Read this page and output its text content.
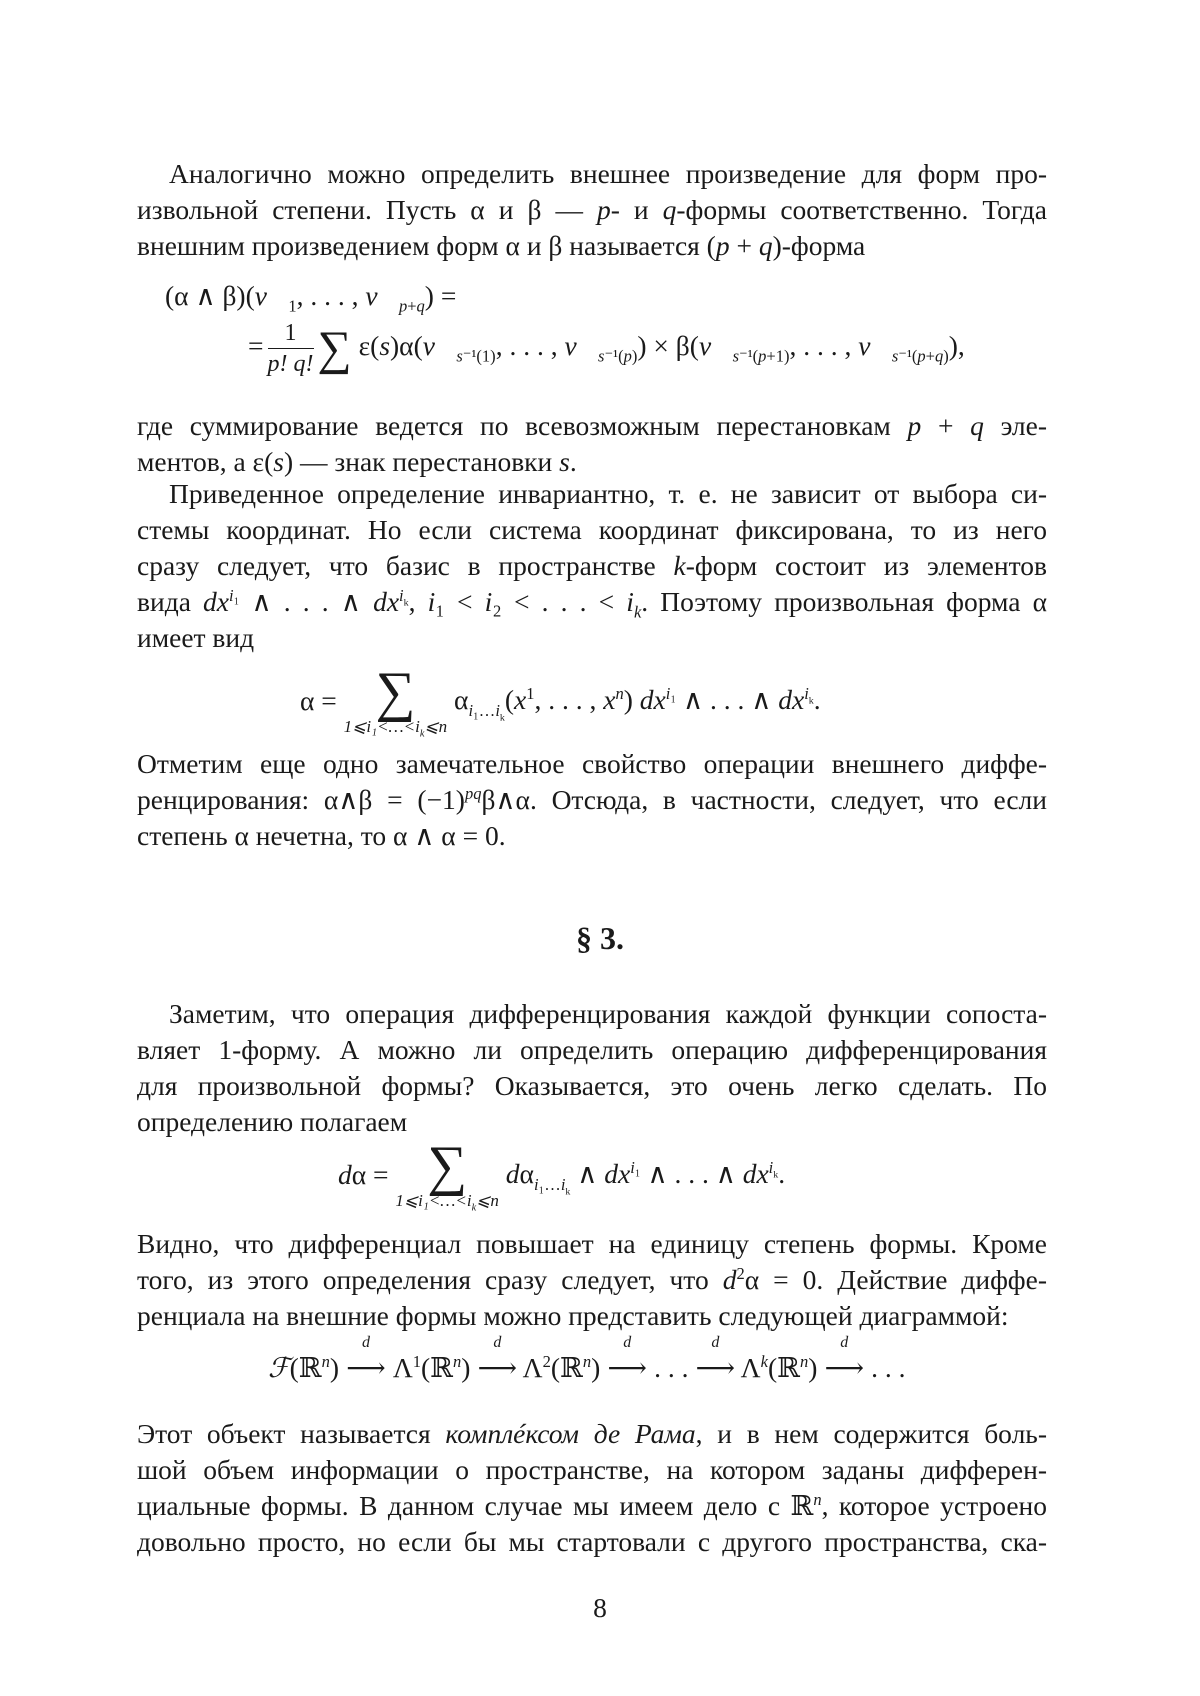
Аналогично можно определить внешнее произведение для форм про-
извольной степени. Пусть α и β — p- и q-формы соответственно. Тогда
внешним произведением форм α и β называется (p + q)-форма

(α ∧ $\beta)(v⃗_1$, . . . , $v⃗_{p+q}$) =
= $\frac{1}{p! q!}$ ∑ $\varepsilon(s)\alpha(v⃗_{s^{-1}(1)}$, . . . , $v⃗_{s^{-1}(p)}$) × $\beta(v⃗_{s^{-1}(p+1)}$, . . . , $v⃗_{s^{-1}(p+q)}$),

где суммирование ведется по всевозможным перестановкам p + q эле-
ментов, а ε(s) — знак перестановки s.

Приведенное определение инвариантно, т. е. не зависит от выбора си-
стемы координат. Но если система координат фиксирована, то из него
сразу следует, что базис в пространстве k-форм состоит из элементов
вида $dx^{i_1}$ ∧ . . . ∧ $dx^{i_k}$, i₁ < i₂ < . . . < $i_k$. Поэтому произвольная форма α
имеет вид

α = ∑
$1⩽i_1<\dots<i_k⩽n$
$\alpha_{i_1\dots i_k}(x^1$, . . . , $x^n$) $dx^{i_1}$ ∧ . . . ∧ $dx^{i_k}$.

Отметим еще одно замечательное свойство операции внешнего диффе-
ренцирования: α∧β = $(-1)^{pq}\beta\wedge\alpha$. Отсюда, в частности, следует, что если
степень α нечетна, то α ∧ α = 0.

§ 3.

Заметим, что операция дифференцирования каждой функции сопоста-
вляет 1-форму. А можно ли определить операцию дифференцирования
для произвольной формы? Оказывается, это очень легко сделать. По
определению полагаем

dα = ∑
$1⩽i_1<\dots<i_k⩽n$
$d\alpha_{i_1\dots i_k}$ ∧ $dx^{i_1}$ ∧ . . . ∧ $dx^{i_k}$.

Видно, что дифференциал повышает на единицу степень формы. Кроме
того, из этого определения сразу следует, что $d^2\alpha = 0$. Действие диффе-
ренциала на внешние формы можно представить следующей диаграммой:

ℱ(ℝ$^n$)
d
⟶ $\Lambda^1(ℝ^n)$
d
⟶ $\Lambda^2(ℝ^n)$
d
⟶ . . .
d
⟶ $\Lambda^k(ℝ^n)$
d
⟶ . . .

Этот объект называется комплéксом де Рама, и в нем содержится боль-
шой объем информации о пространстве, на котором заданы дифферен-
циальные формы. В данном случае мы имеем дело с ℝ$^n$, которое устроено
довольно просто, но если бы мы стартовали с другого пространства, ска-

8
